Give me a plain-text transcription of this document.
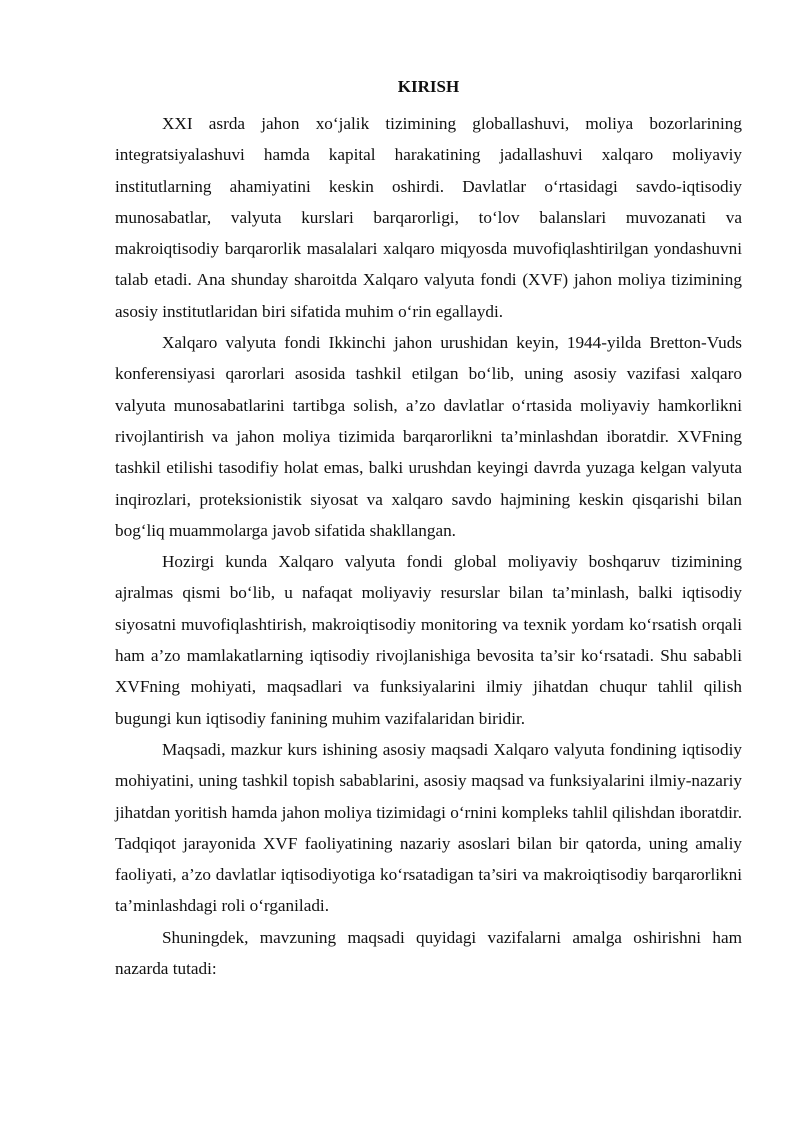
KIRISH

XXI asrda jahon xo‘jalik tizimining globallashuvi, moliya bozorlarining integratsiyalashuvi hamda kapital harakatining jadallashuvi xalqaro moliyaviy institutlarning ahamiyatini keskin oshirdi. Davlatlar o‘rtasidagi savdo-iqtisodiy munosabatlar, valyuta kurslari barqarorligi, to‘lov balanslari muvozanati va makroiqtisodiy barqarorlik masalalari xalqaro miqyosda muvofiqlashtirilgan yondashuvni talab etadi. Ana shunday sharoitda Xalqaro valyuta fondi (XVF) jahon moliya tizimining asosiy institutlaridan biri sifatida muhim o‘rin egallaydi.

Xalqaro valyuta fondi Ikkinchi jahon urushidan keyin, 1944-yilda Bretton-Vuds konferensiyasi qarorlari asosida tashkil etilgan bo‘lib, uning asosiy vazifasi xalqaro valyuta munosabatlarini tartibga solish, a’zo davlatlar o‘rtasida moliyaviy hamkorlikni rivojlantirish va jahon moliya tizimida barqarorlikni ta’minlashdan iboratdir. XVFning tashkil etilishi tasodifiy holat emas, balki urushdan keyingi davrda yuzaga kelgan valyuta inqirozlari, proteksionistik siyosat va xalqaro savdo hajmining keskin qisqarishi bilan bog‘liq muammolarga javob sifatida shakllangan.

Hozirgi kunda Xalqaro valyuta fondi global moliyaviy boshqaruv tizimining ajralmas qismi bo‘lib, u nafaqat moliyaviy resurslar bilan ta’minlash, balki iqtisodiy siyosatni muvofiqlashtirish, makroiqtisodiy monitoring va texnik yordam ko‘rsatish orqali ham a’zo mamlakatlarning iqtisodiy rivojlanishiga bevosita ta’sir ko‘rsatadi. Shu sababli XVFning mohiyati, maqsadlari va funksiyalarini ilmiy jihatdan chuqur tahlil qilish bugungi kun iqtisodiy fanining muhim vazifalaridan biridir.

Maqsadi, mazkur kurs ishining asosiy maqsadi Xalqaro valyuta fondining iqtisodiy mohiyatini, uning tashkil topish sabablarini, asosiy maqsad va funksiyalarini ilmiy-nazariy jihatdan yoritish hamda jahon moliya tizimidagi o‘rnini kompleks tahlil qilishdan iboratdir. Tadqiqot jarayonida XVF faoliyatining nazariy asoslari bilan bir qatorda, uning amaliy faoliyati, a’zo davlatlar iqtisodiyotiga ko‘rsatadigan ta’siri va makroiqtisodiy barqarorlikni ta’minlashdagi roli o‘rganiladi.

Shuningdek, mavzuning maqsadi quyidagi vazifalarni amalga oshirishni ham nazarda tutadi:
